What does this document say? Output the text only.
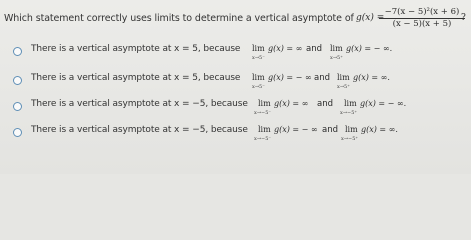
Which statement correctly uses limits to determine a vertical asymptote of g(x) =
$\frac{\text{−7(x − 5)²(x + 6)}}{(x - 5)(x + 5)}$
?
There is a vertical asymptote at x = 5, because lim
x→5⁻
g(x) = ∞ and lim
x→5⁺
g(x) = − ∞.
There is a vertical asymptote at x = 5, because lim
x→5⁻
g(x) = − ∞ and lim
x→5⁺
g(x) = ∞.
There is a vertical asymptote at x = −5, because lim
x→−5⁻
g(x) = ∞ and lim
x→−5⁺
g(x) = − ∞.
There is a vertical asymptote at x = −5, because lim
x→−5⁻
g(x) = − ∞ and lim
x→−5⁺
g(x) = ∞.
